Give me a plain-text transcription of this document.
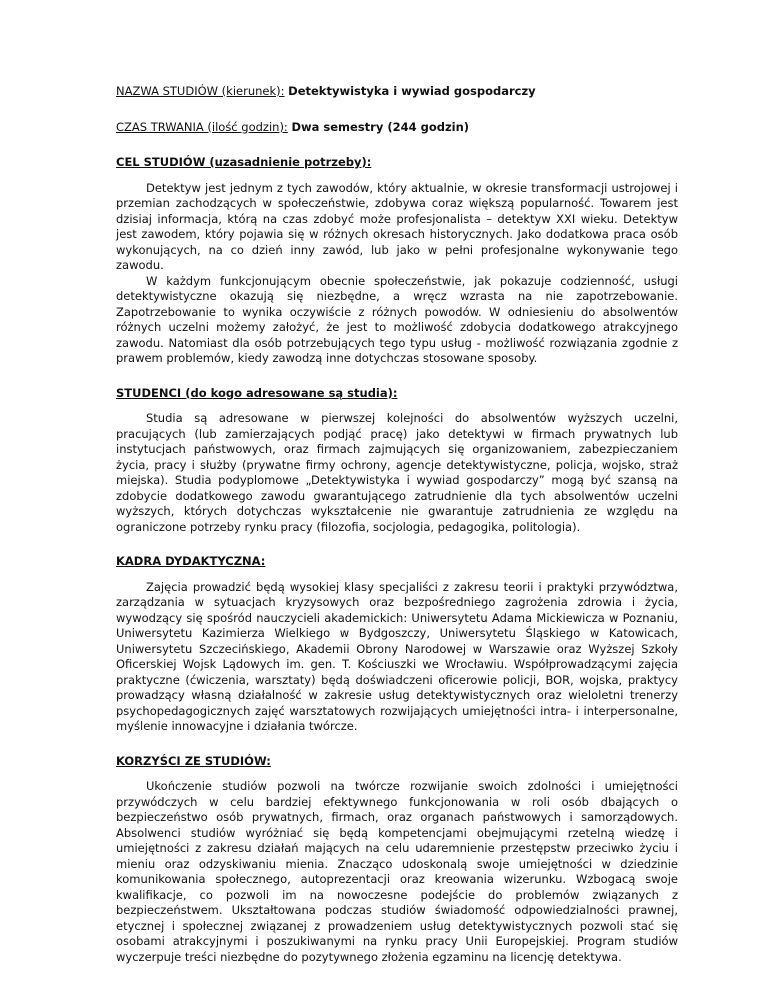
NAZWA STUDIÓW (kierunek): Detektywistyka i wywiad gospodarczy

CZAS TRWANIA (ilość godzin): Dwa semestry (244 godzin)

CEL STUDIÓW (uzasadnienie potrzeby):

Detektyw jest jednym z tych zawodów, który aktualnie, w okresie transformacji ustrojowej i przemian zachodzących w społeczeństwie, zdobywa coraz większą popularność. Towarem jest dzisiaj informacja, którą na czas zdobyć może profesjonalista – detektyw XXI wieku. Detektyw jest zawodem, który pojawia się w różnych okresach historycznych. Jako dodatkowa praca osób wykonujących, na co dzień inny zawód, lub jako w pełni profesjonalne wykonywanie tego zawodu.

W każdym funkcjonującym obecnie społeczeństwie, jak pokazuje codzienność, usługi detektywistyczne okazują się niezbędne, a wręcz wzrasta na nie zapotrzebowanie. Zapotrzebowanie to wynika oczywiście z różnych powodów. W odniesieniu do absolwentów różnych uczelni możemy założyć, że jest to możliwość zdobycia dodatkowego atrakcyjnego zawodu. Natomiast dla osób potrzebujących tego typu usług - możliwość rozwiązania zgodnie z prawem problemów, kiedy zawodzą inne dotychczas stosowane sposoby.

STUDENCI (do kogo adresowane są studia):

Studia są adresowane w pierwszej kolejności do absolwentów wyższych uczelni, pracujących (lub zamierzających podjąć pracę) jako detektywi w firmach prywatnych lub instytucjach państwowych, oraz firmach zajmujących się organizowaniem, zabezpieczaniem życia, pracy i służby (prywatne firmy ochrony, agencje detektywistyczne, policja, wojsko, straż miejska). Studia podyplomowe „Detektywistyka i wywiad gospodarczy” mogą być szansą na zdobycie dodatkowego zawodu gwarantującego zatrudnienie dla tych absolwentów uczelni wyższych, których dotychczas wykształcenie nie gwarantuje zatrudnienia ze względu na ograniczone potrzeby rynku pracy (filozofia, socjologia, pedagogika, politologia).

KADRA DYDAKTYCZNA:

Zajęcia prowadzić będą wysokiej klasy specjaliści z zakresu teorii i praktyki przywództwa, zarządzania w sytuacjach kryzysowych oraz bezpośredniego zagrożenia zdrowia i życia, wywodzący się spośród nauczycieli akademickich: Uniwersytetu Adama Mickiewicza w Poznaniu, Uniwersytetu Kazimierza Wielkiego w Bydgoszczy, Uniwersytetu Śląskiego w Katowicach, Uniwersytetu Szczecińskiego, Akademii Obrony Narodowej w Warszawie oraz Wyższej Szkoły Oficerskiej Wojsk Lądowych im. gen. T. Kościuszki we Wrocławiu. Współprowadzącymi zajęcia praktyczne (ćwiczenia, warsztaty) będą doświadczeni oficerowie policji, BOR, wojska, praktycy prowadzący własną działalność w zakresie usług detektywistycznych oraz wieloletni trenerzy psychopedagogicznych zajęć warsztatowych rozwijających umiejętności intra- i interpersonalne, myślenie innowacyjne i działania twórcze.

KORZYŚCI ZE STUDIÓW:

Ukończenie studiów pozwoli na twórcze rozwijanie swoich zdolności i umiejętności przywódczych w celu bardziej efektywnego funkcjonowania w roli osób dbających o bezpieczeństwo osób prywatnych, firmach, oraz organach państwowych i samorządowych. Absolwenci studiów wyróżniać się będą kompetencjami obejmującymi rzetelną wiedzę i umiejętności z zakresu działań mających na celu udaremnienie przestępstw przeciwko życiu i mieniu oraz odzyskiwaniu mienia. Znacząco udoskonalą swoje umiejętności w dziedzinie komunikowania społecznego, autoprezentacji oraz kreowania wizerunku. Wzbogacą swoje kwalifikacje, co pozwoli im na nowoczesne podejście do problemów związanych z bezpieczeństwem. Ukształtowana podczas studiów świadomość odpowiedzialności prawnej, etycznej i społecznej związanej z prowadzeniem usług detektywistycznych pozwoli stać się osobami atrakcyjnymi i poszukiwanymi na rynku pracy Unii Europejskiej. Program studiów wyczerpuje treści niezbędne do pozytywnego złożenia egzaminu na licencję detektywa.
